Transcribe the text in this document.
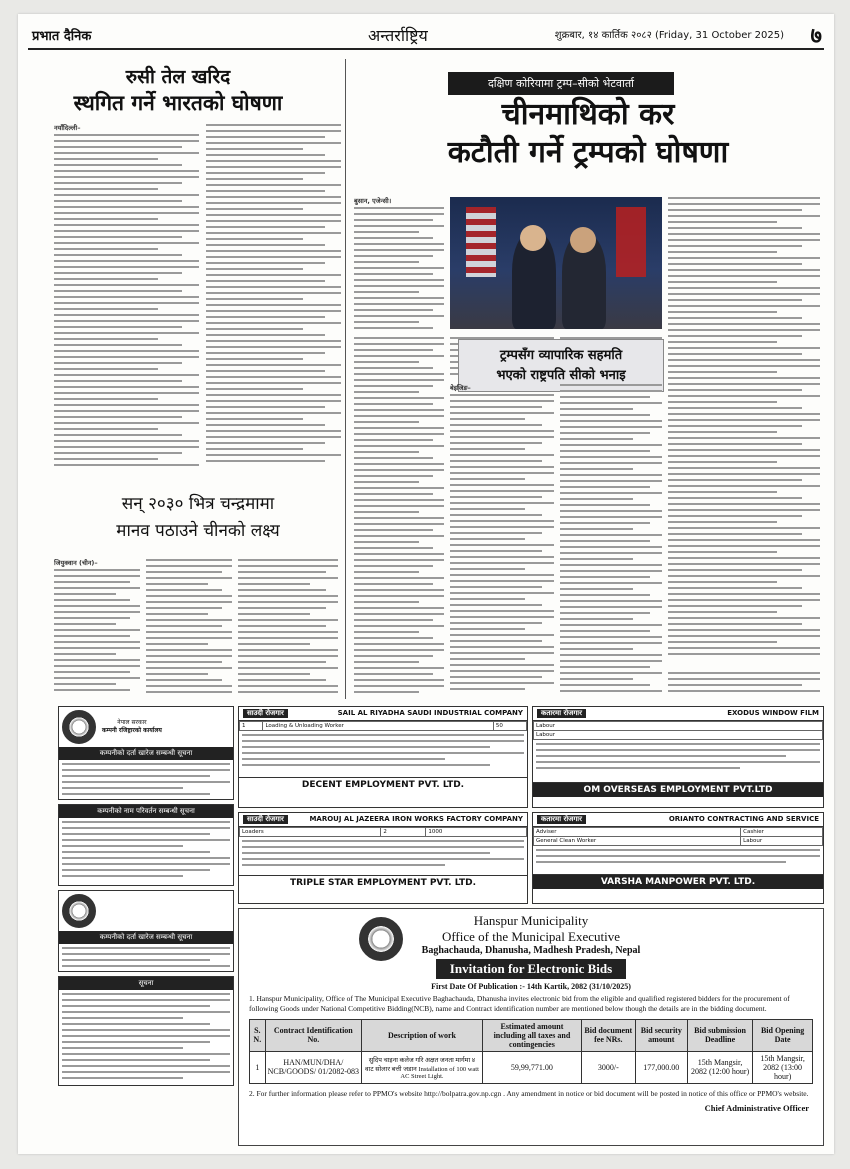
प्रभात दैनिक	अन्तर्राष्ट्रिय	शुक्रबार, १४ कार्तिक २०८२ (Friday, 31 October 2025) ७
रुसी तेल खरिद
स्थगित गर्ने भारतको घोषणा
नयाँदिल्ली–
सन् २०३० भित्र चन्द्रमामा
मानव पठाउने चीनको लक्ष्य
जियुक्वान (चीन)–
दक्षिण कोरियामा ट्रम्प–सीको भेटवार्ता
चीनमाथिको कर
कटौती गर्ने ट्रम्पको घोषणा
बुसान, एजेन्सी।
ट्रम्पसँग व्यापारिक सहमति
भएको राष्ट्रपति सीको भनाइ
बेइजिङ–
नेपाल सरकार
कम्पनी रजिष्ट्रारको कार्यालय
कम्पनीको दर्ता खारेज सम्बन्धी सूचना
कम्पनीको नाम परिवर्तन सम्बन्धी सूचना
कम्पनीको दर्ता खारेज सम्बन्धी सूचना
सूचना
साउदी रोजगार	SAIL AL RIYADHA SAUDI INDUSTRIAL COMPANY
1	Loading & Unloading Worker	50
DECENT EMPLOYMENT PVT. LTD.
कतारमा रोजगार	EXODUS WINDOW FILM
Labour
Labour
OM OVERSEAS EMPLOYMENT PVT.LTD
साउदी रोजगार	MAROUJ AL JAZEERA IRON WORKS FACTORY COMPANY
Loaders	2	1000
TRIPLE STAR EMPLOYMENT PVT. LTD.
कतारमा रोजगार	ORIANTO CONTRACTING AND SERVICE
Adviser	Cashier
General Clean Worker	Labour
VARSHA MANPOWER PVT. LTD.
Hanspur Municipality
Office of the Municipal Executive
Baghachauda, Dhanusha, Madhesh Pradesh, Nepal
Invitation for Electronic Bids
First Date Of Publication :- 14th Kartik, 2082 (31/10/2025)
1. Hanspur Municipality, Office of The Municipal Executive Baghachauda, Dhanusha invites electronic bid from the eligible and qualified registered bidders for the procurement of following Goods under National Competitive Bidding(NCB), name and Contract identification number are mentioned below though the details are in the bidding document.
S. N.	Contract Identification No.	Description of work	Estimated amount including all taxes and contingencies	Bid document fee NRs.	Bid security amount	Bid submission Deadline	Bid Opening Date
1	HAN/MUN/DHA/ NCB/GOODS/ 01/2082-083	सुदिप चाइना कलेज गरि अक्षत जनता मार्गमा ४ वाट सोलार बत्ती जडान Installation of 100 watt AC Street Light.	59,99,771.00	3000/-	177,000.00	15th Mangsir, 2082 (12:00 hour)	15th Mangsir, 2082 (13:00 hour)
2. For further information please refer to PPMO's website http://bolpatra.gov.np.cgn . Any amendment in notice or bid document will be posted in notice of this office or PPMO's website.
Chief Administrative Officer
